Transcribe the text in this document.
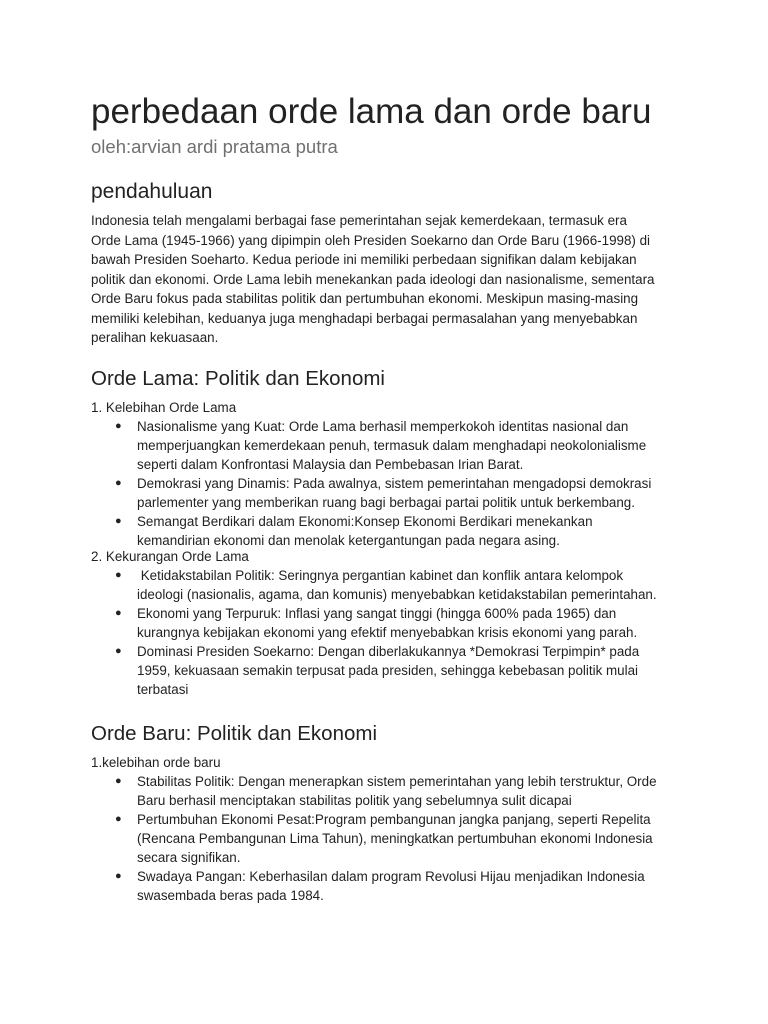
perbedaan orde lama dan orde baru
oleh:arvian ardi pratama putra
pendahuluan

Indonesia telah mengalami berbagai fase pemerintahan sejak kemerdekaan, termasuk era
Orde Lama (1945-1966) yang dipimpin oleh Presiden Soekarno dan Orde Baru (1966-1998) di
bawah Presiden Soeharto. Kedua periode ini memiliki perbedaan signifikan dalam kebijakan
politik dan ekonomi. Orde Lama lebih menekankan pada ideologi dan nasionalisme, sementara
Orde Baru fokus pada stabilitas politik dan pertumbuhan ekonomi. Meskipun masing-masing
memiliki kelebihan, keduanya juga menghadapi berbagai permasalahan yang menyebabkan
peralihan kekuasaan.

Orde Lama: Politik dan Ekonomi
1. Kelebihan Orde Lama
● Nasionalisme yang Kuat: Orde Lama berhasil memperkokoh identitas nasional dan
memperjuangkan kemerdekaan penuh, termasuk dalam menghadapi neokolonialisme
seperti dalam Konfrontasi Malaysia dan Pembebasan Irian Barat.
● Demokrasi yang Dinamis: Pada awalnya, sistem pemerintahan mengadopsi demokrasi
parlementer yang memberikan ruang bagi berbagai partai politik untuk berkembang.
● Semangat Berdikari dalam Ekonomi:Konsep Ekonomi Berdikari menekankan
kemandirian ekonomi dan menolak ketergantungan pada negara asing.
2. Kekurangan Orde Lama
● Ketidakstabilan Politik: Seringnya pergantian kabinet dan konflik antara kelompok
ideologi (nasionalis, agama, dan komunis) menyebabkan ketidakstabilan pemerintahan.
● Ekonomi yang Terpuruk: Inflasi yang sangat tinggi (hingga 600% pada 1965) dan
kurangnya kebijakan ekonomi yang efektif menyebabkan krisis ekonomi yang parah.
● Dominasi Presiden Soekarno: Dengan diberlakukannya *Demokrasi Terpimpin* pada
1959, kekuasaan semakin terpusat pada presiden, sehingga kebebasan politik mulai
terbatasi
Orde Baru: Politik dan Ekonomi
1.kelebihan orde baru
● Stabilitas Politik: Dengan menerapkan sistem pemerintahan yang lebih terstruktur, Orde
Baru berhasil menciptakan stabilitas politik yang sebelumnya sulit dicapai
● Pertumbuhan Ekonomi Pesat:Program pembangunan jangka panjang, seperti Repelita
(Rencana Pembangunan Lima Tahun), meningkatkan pertumbuhan ekonomi Indonesia
secara signifikan.
● Swadaya Pangan: Keberhasilan dalam program Revolusi Hijau menjadikan Indonesia
swasembada beras pada 1984.
